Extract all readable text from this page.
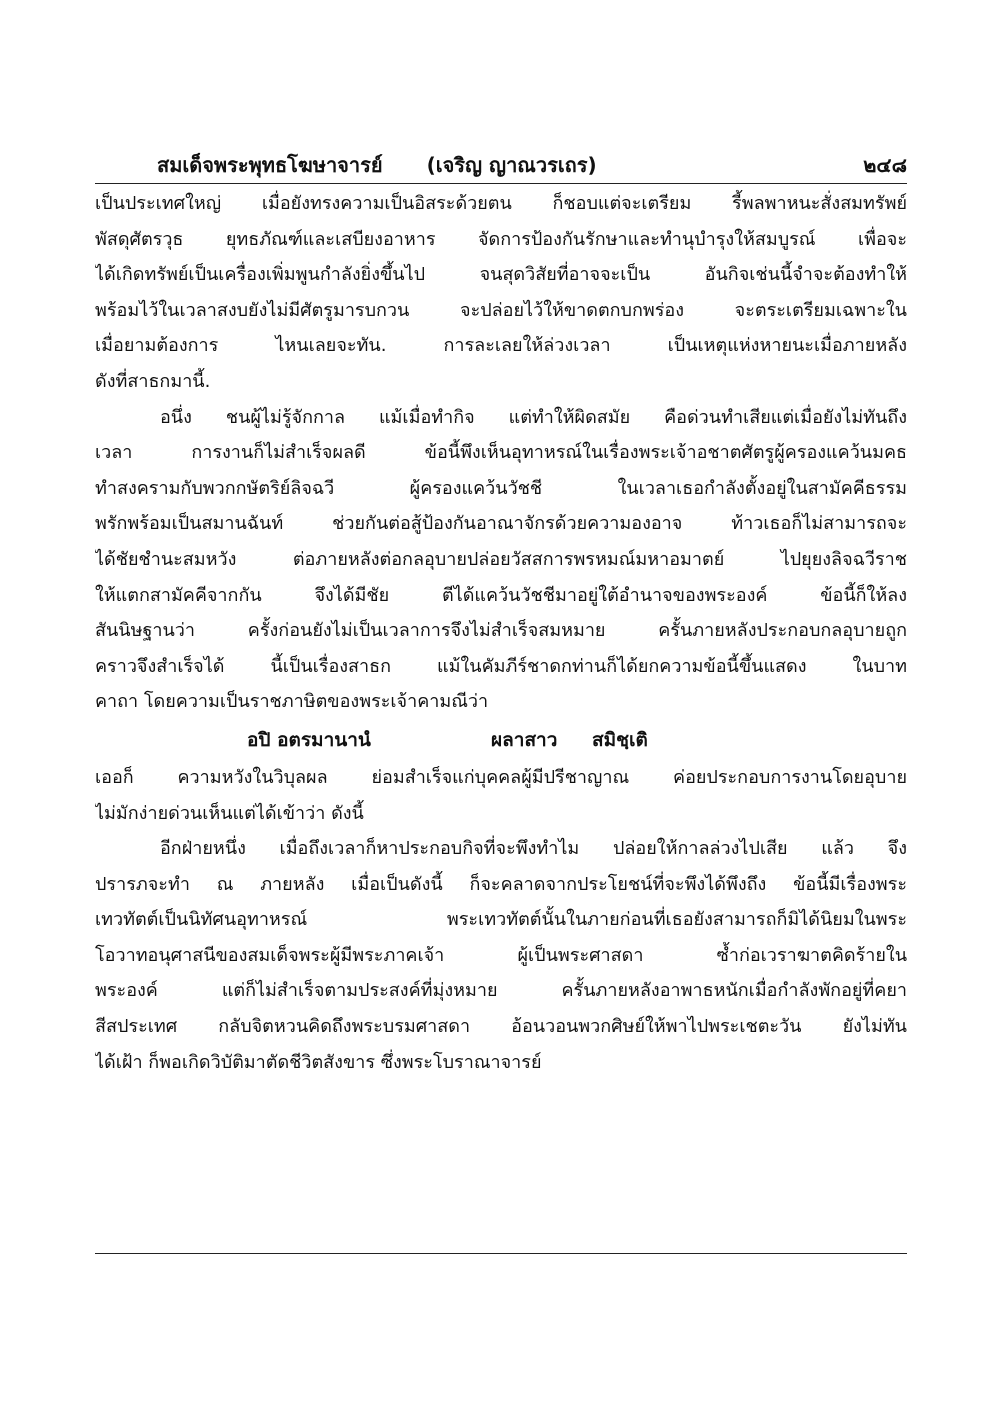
สมเด็จพระพุทธโฆษาจารย์ (เจริญ ญาณวรเถร)	๒๔๘
เป็นประเทศใหญ่ เมื่อยังทรงความเป็นอิสระด้วยตน ก็ชอบแต่จะเตรียม รี้พลพาหนะสั่งสมทรัพย์
พัสดุศัตรวุธ ยุทธภัณฑ์และเสบียงอาหาร จัดการป้องกันรักษาและทำนุบำรุงให้สมบูรณ์ เพื่อจะ
ได้เกิดทรัพย์เป็นเครื่องเพิ่มพูนกำลังยิ่งขึ้นไป จนสุดวิสัยที่อาจจะเป็น อันกิจเช่นนี้จำจะต้องทำให้
พร้อมไว้ในเวลาสงบยังไม่มีศัตรูมารบกวน จะปล่อยไว้ให้ขาดตกบกพร่อง จะตระเตรียมเฉพาะใน
เมื่อยามต้องการ ไหนเลยจะทัน. การละเลยให้ล่วงเวลา เป็นเหตุแห่งหายนะเมื่อภายหลัง
ดังที่สาธกมานี้.
อนึ่ง ชนผู้ไม่รู้จักกาล แม้เมื่อทำกิจ แต่ทำให้ผิดสมัย คือด่วนทำเสียแต่เมื่อยังไม่ทันถึง
เวลา การงานก็ไม่สำเร็จผลดี ข้อนี้พึงเห็นอุทาหรณ์ในเรื่องพระเจ้าอชาตศัตรูผู้ครองแคว้นมคธ
ทำสงครามกับพวกกษัตริย์ลิจฉวี ผู้ครองแคว้นวัชชี ในเวลาเธอกำลังตั้งอยู่ในสามัคคีธรรม
พรักพร้อมเป็นสมานฉันท์ ช่วยกันต่อสู้ป้องกันอาณาจักรด้วยความองอาจ ท้าวเธอก็ไม่สามารถจะ
ได้ชัยชำนะสมหวัง ต่อภายหลังต่อกลอุบายปล่อยวัสสการพรหมณ์มหาอมาตย์ ไปยุยงลิจฉวีราช
ให้แตกสามัคคีจากกัน จึงได้มีชัย ตีได้แคว้นวัชชีมาอยู่ใต้อำนาจของพระองค์ ข้อนี้ก็ให้ลง
สันนิษฐานว่า ครั้งก่อนยังไม่เป็นเวลาการจึงไม่สำเร็จสมหมาย ครั้นภายหลังประกอบกลอุบายถูก
คราวจึงสำเร็จได้ นี้เป็นเรื่องสาธก แม้ในคัมภีร์ชาดกท่านก็ได้ยกความข้อนี้ขึ้นแสดง ในบาท
คาถา โดยความเป็นราชภาษิตของพระเจ้าคามณีว่า
อปิ อตรมานานํ	ผลาสาว สมิชฺเติ
เออก็ ความหวังในวิบุลผล ย่อมสำเร็จแก่บุคคลผู้มีปรีชาญาณ ค่อยประกอบการงานโดยอุบาย
ไม่มักง่ายด่วนเห็นแต่ได้เข้าว่า ดังนี้
อีกฝ่ายหนึ่ง เมื่อถึงเวลาก็หาประกอบกิจที่จะพึงทำไม ปล่อยให้กาลล่วงไปเสีย แล้ว จึง
ปรารภจะทำ ณ ภายหลัง เมื่อเป็นดังนี้ ก็จะคลาดจากประโยชน์ที่จะพึงได้พึงถึง ข้อนี้มีเรื่องพระ
เทวทัตต์เป็นนิทัศนอุทาหรณ์ พระเทวทัตต์นั้นในภายก่อนที่เธอยังสามารถก็มิได้นิยมในพระ
โอวาทอนุศาสนีของสมเด็จพระผู้มีพระภาคเจ้า ผู้เป็นพระศาสดา ซ้ำก่อเวราฆาตคิดร้ายใน
พระองค์ แต่ก็ไม่สำเร็จตามประสงค์ที่มุ่งหมาย ครั้นภายหลังอาพาธหนักเมื่อกำลังพักอยู่ที่คยา
สีสประเทศ กลับจิตหวนคิดถึงพระบรมศาสดา อ้อนวอนพวกศิษย์ให้พาไปพระเชตะวัน ยังไม่ทัน
ได้เฝ้า ก็พอเกิดวิบัติมาตัดชีวิตสังขาร ซึ่งพระโบราณาจารย์
